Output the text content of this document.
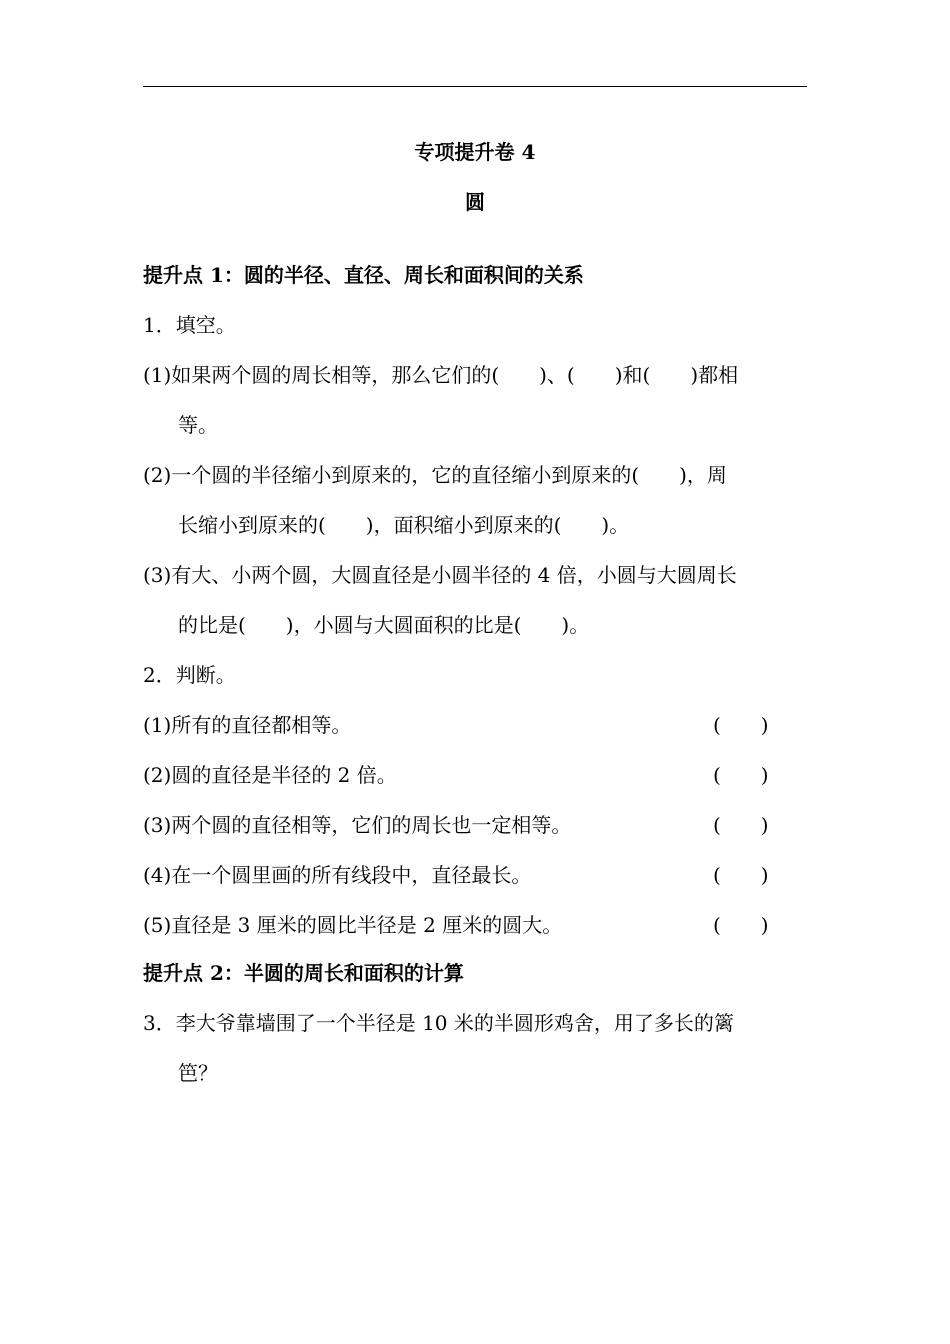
专项提升卷 4
圆
提升点 1：圆的半径、直径、周长和面积间的关系
1．填空。
(1)如果两个圆的周长相等，那么它们的(　　)、(　　)和(　　)都相
等。
(2)一个圆的半径缩小到原来的，它的直径缩小到原来的(　　)，周
长缩小到原来的(　　)，面积缩小到原来的(　　)。
(3)有大、小两个圆，大圆直径是小圆半径的 4 倍，小圆与大圆周长
的比是(　　)，小圆与大圆面积的比是(　　)。
2．判断。
(1)所有的直径都相等。	(　　)
(2)圆的直径是半径的 2 倍。	(　　)
(3)两个圆的直径相等，它们的周长也一定相等。	(　　)
(4)在一个圆里画的所有线段中，直径最长。	(　　)
(5)直径是 3 厘米的圆比半径是 2 厘米的圆大。	(　　)
提升点 2：半圆的周长和面积的计算
3．李大爷靠墙围了一个半径是 10 米的半圆形鸡舍，用了多长的篱
笆？
